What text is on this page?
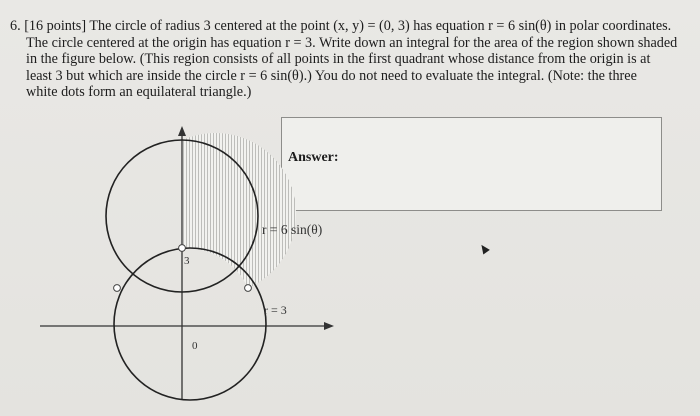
6. [16 points] The circle of radius 3 centered at the point (x, y) = (0, 3) has equation r = 6 sin(θ) in polar coordinates.
The circle centered at the origin has equation r = 3. Write down an integral for the area of the region shown shaded
in the figure below. (This region consists of all points in the first quadrant whose distance from the origin is at
least 3 but which are inside the circle r = 6 sin(θ).) You do not need to evaluate the integral. (Note: the three
white dots form an equilateral triangle.)
Answer:
3
0
r = 6 sin(θ)
r = 3
